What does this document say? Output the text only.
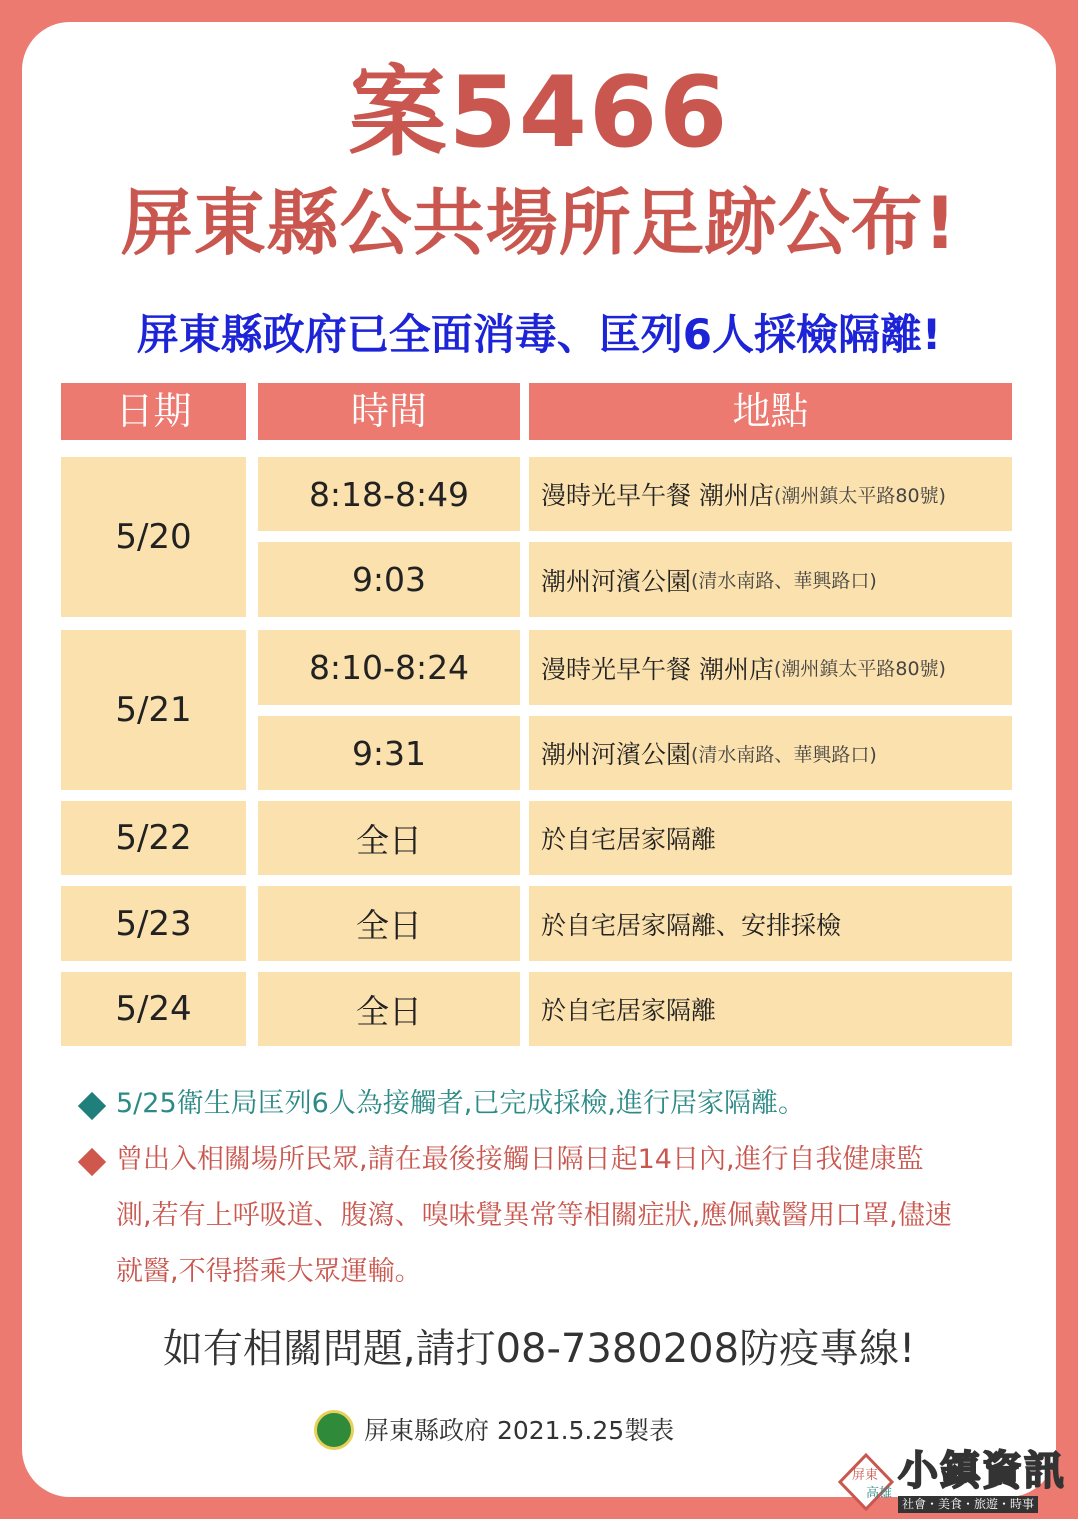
案5466
屏東縣公共場所足跡公布!
屏東縣政府已全面消毒、匡列6人採檢隔離!
日期	時間	地點
5/20
8:18-8:49	漫時光早午餐 潮州店 (潮州鎮太平路80號)
9:03	潮州河濱公園 (清水南路、華興路口)
5/21
8:10-8:24	漫時光早午餐 潮州店 (潮州鎮太平路80號)
9:31	潮州河濱公園 (清水南路、華興路口)
5/22	全日	於自宅居家隔離
5/23	全日	於自宅居家隔離、安排採檢
5/24	全日	於自宅居家隔離
5/25衛生局匡列6人為接觸者,已完成採檢,進行居家隔離。
曾出入相關場所民眾,請在最後接觸日隔日起14日內,進行自我健康監
測,若有上呼吸道、腹瀉、嗅味覺異常等相關症狀,應佩戴醫用口罩,儘速
就醫,不得搭乘大眾運輸。
如有相關問題,請打08-7380208防疫專線!
屏東縣政府 2021.5.25製表
屏東
高雄 小鎮資訊
社會・美食・旅遊・時事
